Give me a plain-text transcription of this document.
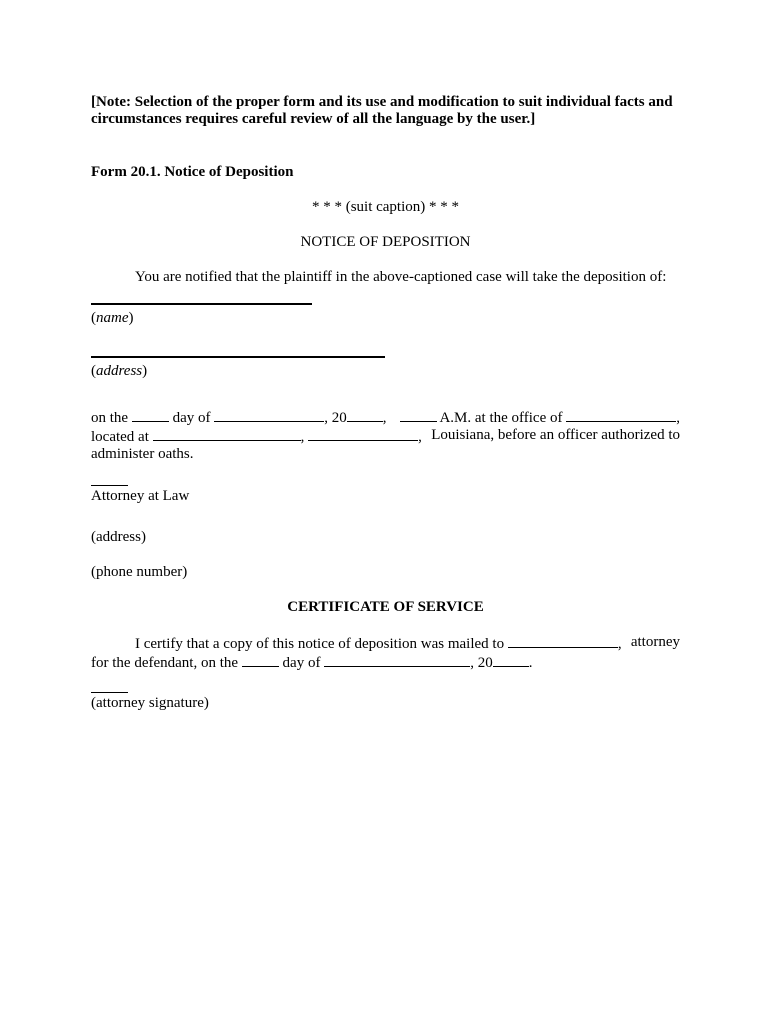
[Note: Selection of the proper form and its use and modification to suit individual facts and
circumstances requires careful review of all the language by the user.]
Form 20.1. Notice of Deposition
* * * (suit caption) * * *
NOTICE OF DEPOSITION
You are notified that the plaintiff in the above-captioned case will take the deposition of:
(name)
(address)
on the	day of	, 20 ,	A.M. at the office of	,
located at	,	, Louisiana, before an officer authorized to
administer oaths.
Attorney at Law
(address)
(phone number)
CERTIFICATE OF SERVICE
I certify that a copy of this notice of deposition was mailed to	, attorney
for the defendant, on the	day of	, 20 .
(attorney signature)
